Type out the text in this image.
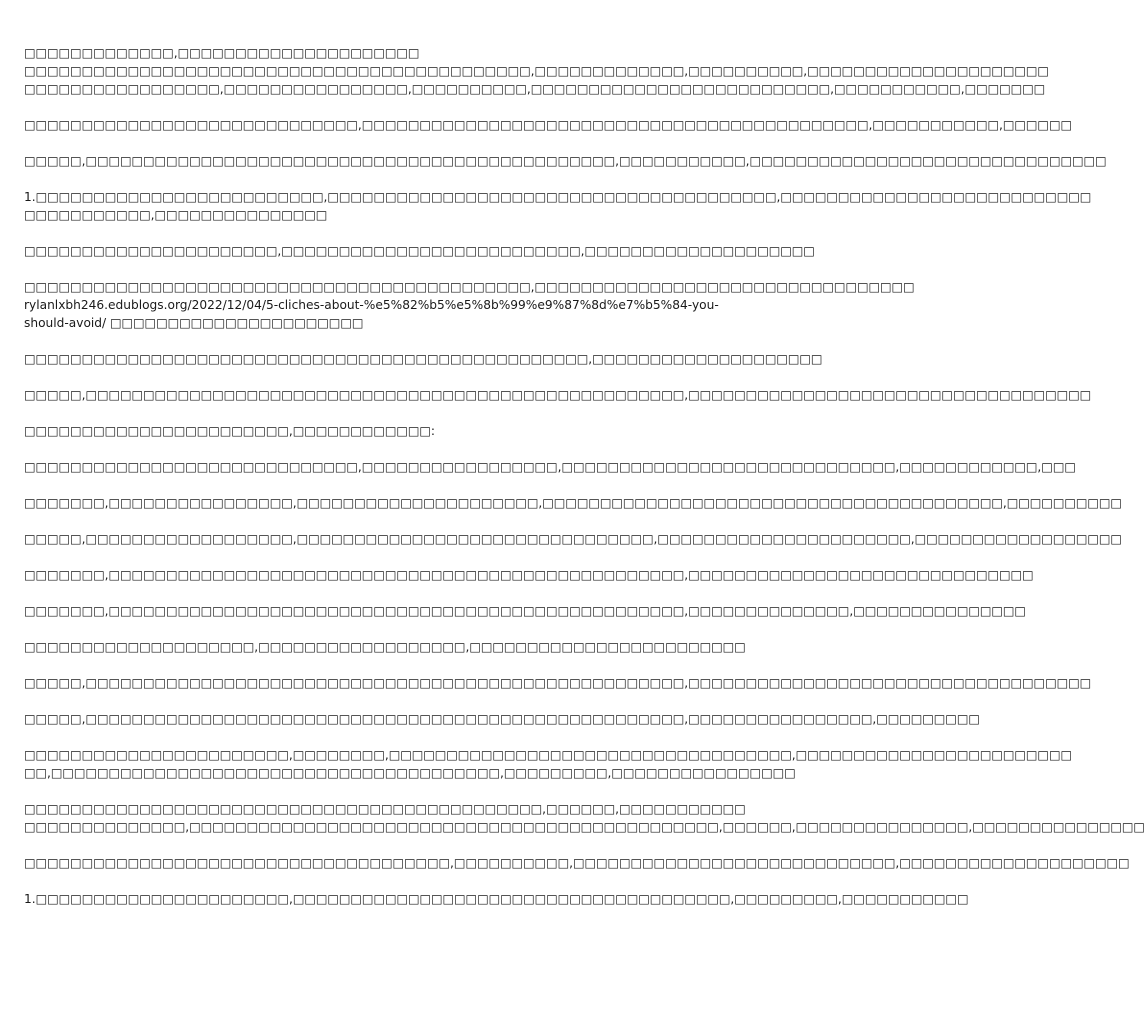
□□□□□□□□□□□□□,□□□□□□□□□□□□□□□□□□□□□
□□□□□□□□□□□□□□□□□□□□□□□□□□□□□□□□□□□□□□□□□□□□,□□□□□□□□□□□□□,□□□□□□□□□□,□□□□□□□□□□□□□□□□□□□□□
□□□□□□□□□□□□□□□□□,□□□□□□□□□□□□□□□□,□□□□□□□□□□,□□□□□□□□□□□□□□□□□□□□□□□□□□,□□□□□□□□□□□,□□□□□□□

□□□□□□□□□□□□□□□□□□□□□□□□□□□□□,□□□□□□□□□□□□□□□□□□□□□□□□□□□□□□□□□□□□□□□□□□□□,□□□□□□□□□□□,□□□□□□

□□□□□,□□□□□□□□□□□□□□□□□□□□□□□□□□□□□□□□□□□□□□□□□□□□□□,□□□□□□□□□□□,□□□□□□□□□□□□□□□□□□□□□□□□□□□□□□□

1.□□□□□□□□□□□□□□□□□□□□□□□□□,□□□□□□□□□□□□□□□□□□□□□□□□□□□□□□□□□□□□□□□,□□□□□□□□□□□□□□□□□□□□□□□□□□□
□□□□□□□□□□□,□□□□□□□□□□□□□□□

□□□□□□□□□□□□□□□□□□□□□□,□□□□□□□□□□□□□□□□□□□□□□□□□□,□□□□□□□□□□□□□□□□□□□□

□□□□□□□□□□□□□□□□□□□□□□□□□□□□□□□□□□□□□□□□□□□□,□□□□□□□□□□□□□□□□□□□□□□□□□□□□□□□□□
rylanlxbh246.edublogs.org/2022/12/04/5-cliches-about-%e5%82%b5%e5%8b%99%e9%87%8d%e7%b5%84-you-
should-avoid/ □□□□□□□□□□□□□□□□□□□□□□

□□□□□□□□□□□□□□□□□□□□□□□□□□□□□□□□□□□□□□□□□□□□□□□□□,□□□□□□□□□□□□□□□□□□□□

□□□□□,□□□□□□□□□□□□□□□□□□□□□□□□□□□□□□□□□□□□□□□□□□□□□□□□□□□□,□□□□□□□□□□□□□□□□□□□□□□□□□□□□□□□□□□□

□□□□□□□□□□□□□□□□□□□□□□□,□□□□□□□□□□□□:

□□□□□□□□□□□□□□□□□□□□□□□□□□□□□,□□□□□□□□□□□□□□□□□,□□□□□□□□□□□□□□□□□□□□□□□□□□□□□,□□□□□□□□□□□□,□□□

□□□□□□□,□□□□□□□□□□□□□□□□,□□□□□□□□□□□□□□□□□□□□□,□□□□□□□□□□□□□□□□□□□□□□□□□□□□□□□□□□□□□□□□,□□□□□□□□□□

□□□□□,□□□□□□□□□□□□□□□□□□,□□□□□□□□□□□□□□□□□□□□□□□□□□□□□□□,□□□□□□□□□□□□□□□□□□□□□□,□□□□□□□□□□□□□□□□□□

□□□□□□□,□□□□□□□□□□□□□□□□□□□□□□□□□□□□□□□□□□□□□□□□□□□□□□□□□□,□□□□□□□□□□□□□□□□□□□□□□□□□□□□□□

□□□□□□□,□□□□□□□□□□□□□□□□□□□□□□□□□□□□□□□□□□□□□□□□□□□□□□□□□□,□□□□□□□□□□□□□□,□□□□□□□□□□□□□□□

□□□□□□□□□□□□□□□□□□□□,□□□□□□□□□□□□□□□□□□,□□□□□□□□□□□□□□□□□□□□□□□□

□□□□□,□□□□□□□□□□□□□□□□□□□□□□□□□□□□□□□□□□□□□□□□□□□□□□□□□□□□,□□□□□□□□□□□□□□□□□□□□□□□□□□□□□□□□□□□

□□□□□,□□□□□□□□□□□□□□□□□□□□□□□□□□□□□□□□□□□□□□□□□□□□□□□□□□□□,□□□□□□□□□□□□□□□□,□□□□□□□□□

□□□□□□□□□□□□□□□□□□□□□□□,□□□□□□□□,□□□□□□□□□□□□□□□□□□□□□□□□□□□□□□□□□□□,□□□□□□□□□□□□□□□□□□□□□□□□
□□,□□□□□□□□□□□□□□□□□□□□□□□□□□□□□□□□□□□□□□□,□□□□□□□□□,□□□□□□□□□□□□□□□□

□□□□□□□□□□□□□□□□□□□□□□□□□□□□□□□□□□□□□□□□□□□□□,□□□□□□,□□□□□□□□□□□
□□□□□□□□□□□□□□,□□□□□□□□□□□□□□□□□□□□□□□□□□□□□□□□□□□□□□□□□□□□□□,□□□□□□,□□□□□□□□□□□□□□□,□□□□□□□□□□□□□□□

□□□□□□□□□□□□□□□□□□□□□□□□□□□□□□□□□□□□□,□□□□□□□□□□,□□□□□□□□□□□□□□□□□□□□□□□□□□□□,□□□□□□□□□□□□□□□□□□□□

1.□□□□□□□□□□□□□□□□□□□□□□,□□□□□□□□□□□□□□□□□□□□□□□□□□□□□□□□□□□□□□,□□□□□□□□□,□□□□□□□□□□□
